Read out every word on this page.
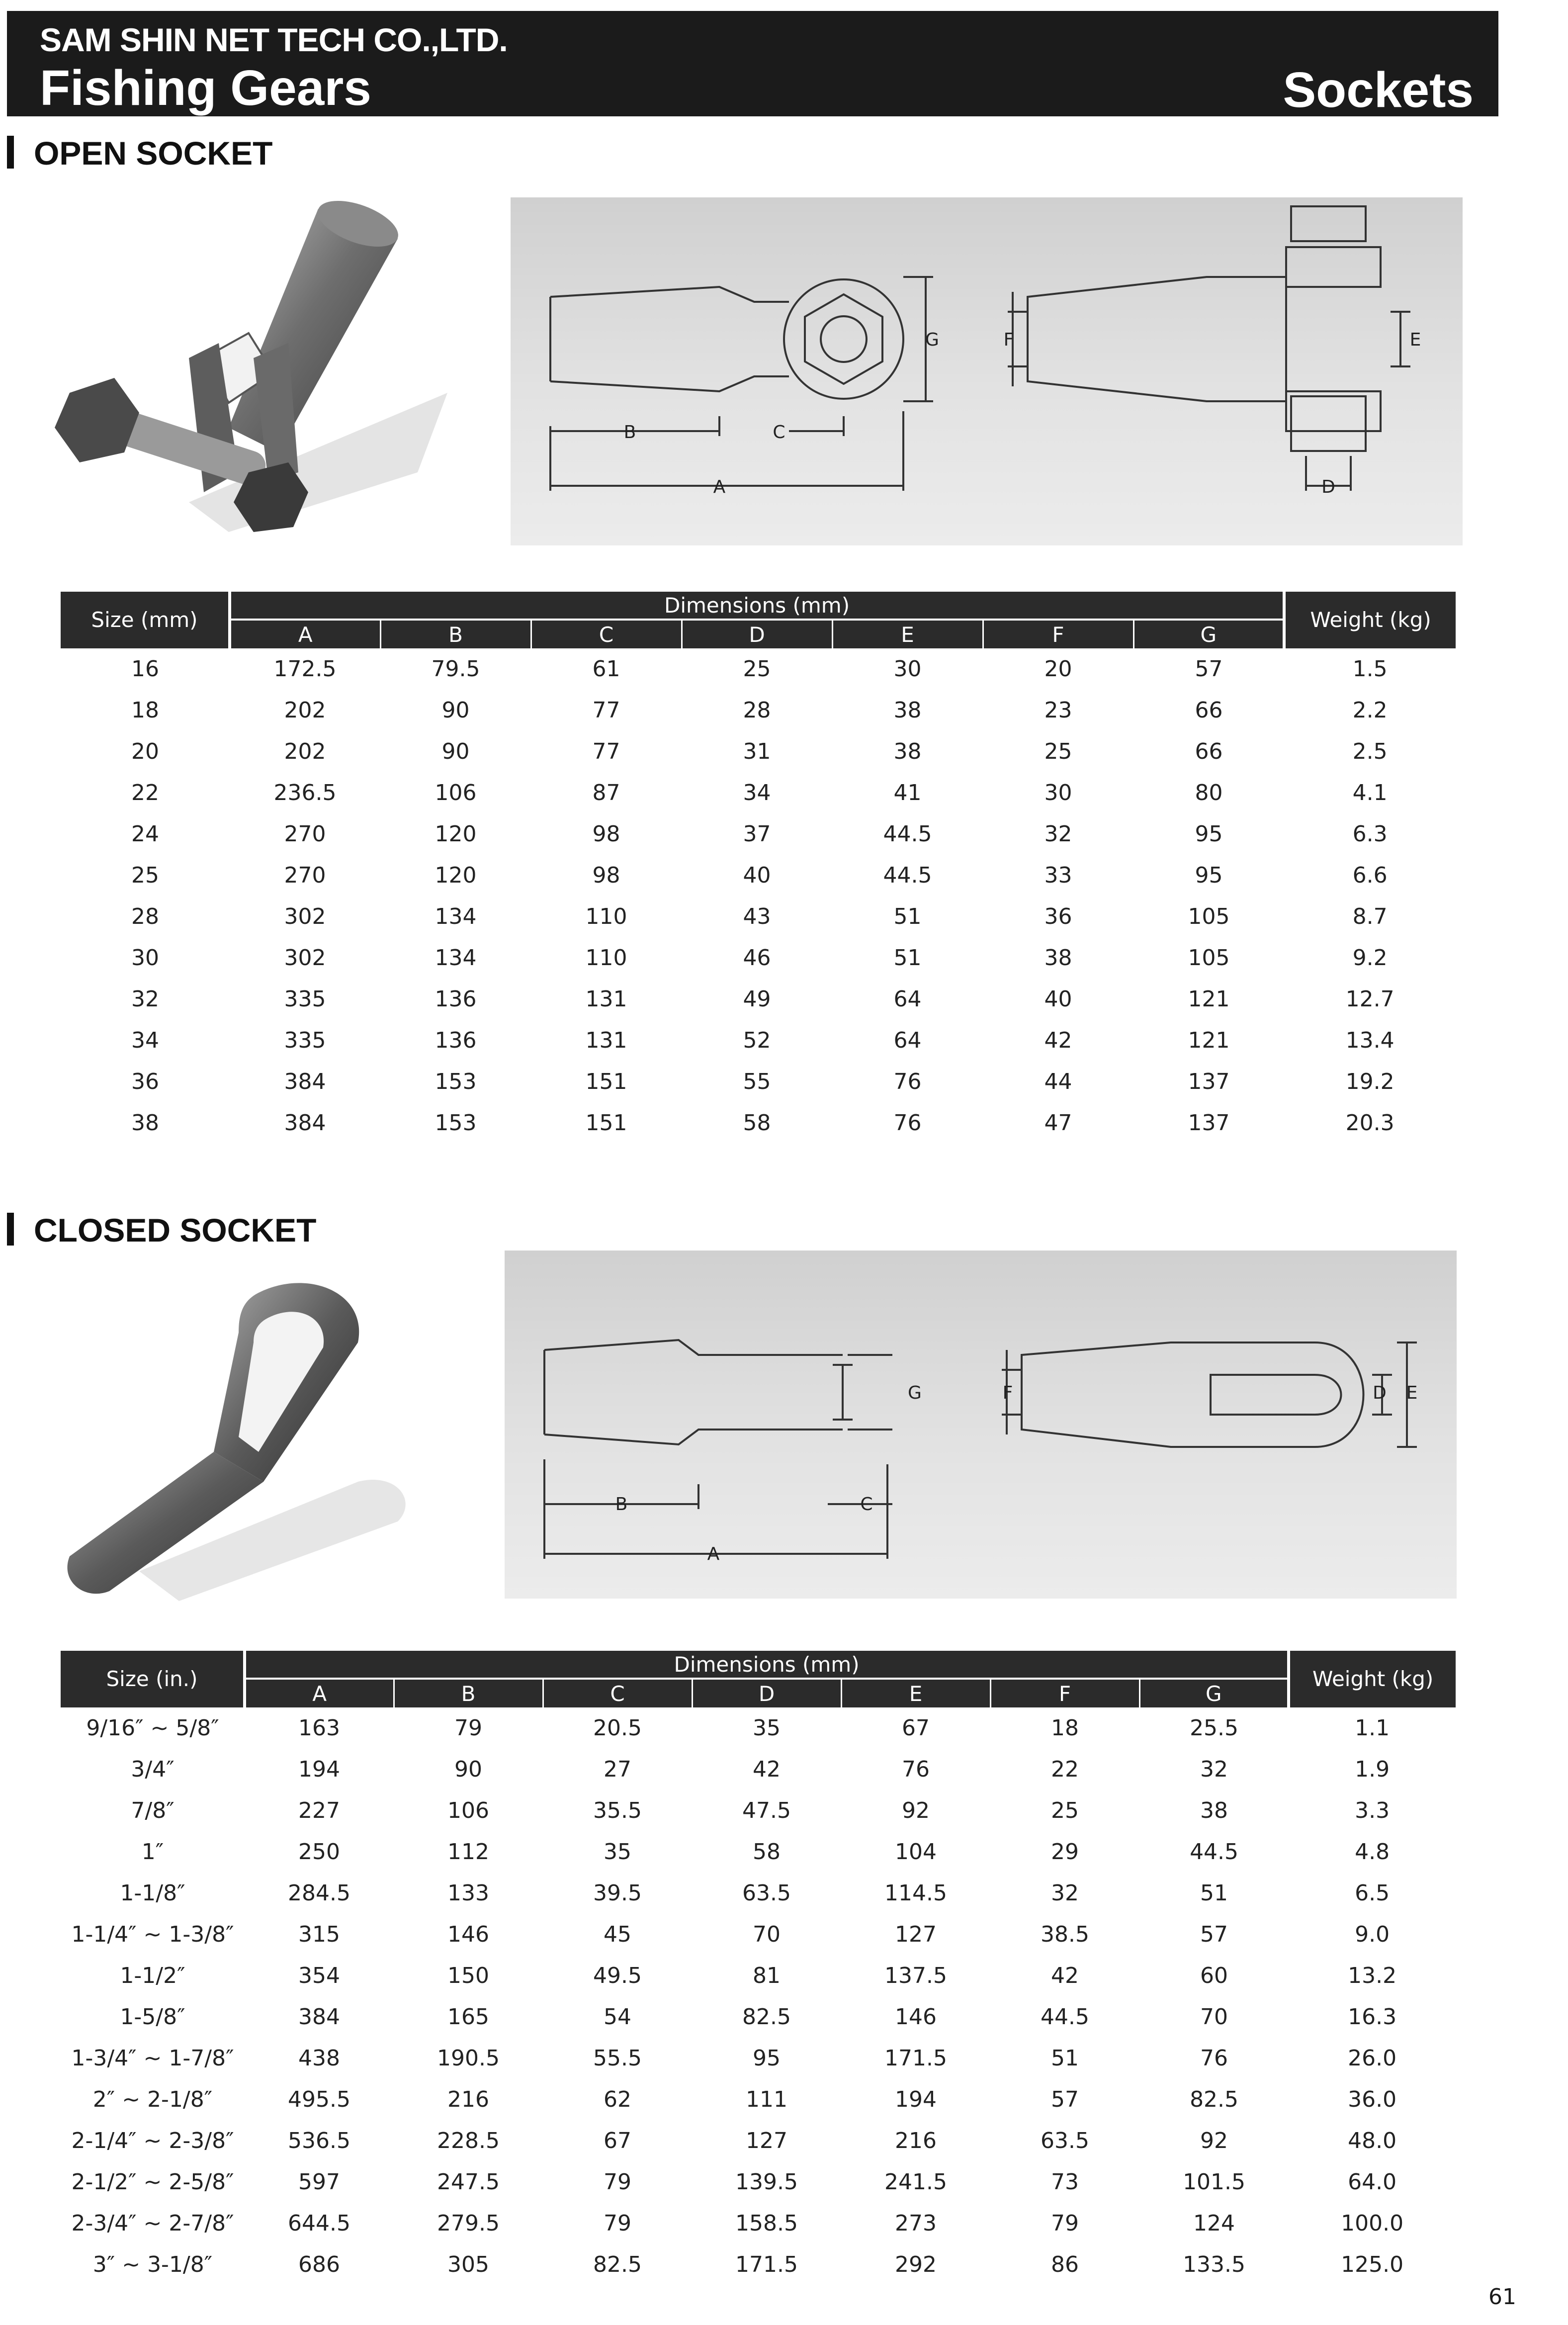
SAM SHIN NET TECH CO.,LTD.
Fishing Gears	Sockets
OPEN SOCKET
B	C
A
G	F	E
D
Size (mm)	Dimensions (mm)							Weight (kg)
	A	B	C	D	E	F	G	
16	172.5	79.5	61	25	30	20	57	1.5
18	202	90	77	28	38	23	66	2.2
20	202	90	77	31	38	25	66	2.5
22	236.5	106	87	34	41	30	80	4.1
24	270	120	98	37	44.5	32	95	6.3
25	270	120	98	40	44.5	33	95	6.6
28	302	134	110	43	51	36	105	8.7
30	302	134	110	46	51	38	105	9.2
32	335	136	131	49	64	40	121	12.7
34	335	136	131	52	64	42	121	13.4
36	384	153	151	55	76	44	137	19.2
38	384	153	151	58	76	47	137	20.3
CLOSED SOCKET
B	C
A
G	F	D E
Size (in.)	Dimensions (mm)							Weight (kg)
	A	B	C	D	E	F	G	
9/16″ ~ 5/8″	163	79	20.5	35	67	18	25.5	1.1
3/4″	194	90	27	42	76	22	32	1.9
7/8″	227	106	35.5	47.5	92	25	38	3.3
1″	250	112	35	58	104	29	44.5	4.8
1-1/8″	284.5	133	39.5	63.5	114.5	32	51	6.5
1-1/4″ ~ 1-3/8″	315	146	45	70	127	38.5	57	9.0
1-1/2″	354	150	49.5	81	137.5	42	60	13.2
1-5/8″	384	165	54	82.5	146	44.5	70	16.3
1-3/4″ ~ 1-7/8″	438	190.5	55.5	95	171.5	51	76	26.0
2″ ~ 2-1/8″	495.5	216	62	111	194	57	82.5	36.0
2-1/4″ ~ 2-3/8″	536.5	228.5	67	127	216	63.5	92	48.0
2-1/2″ ~ 2-5/8″	597	247.5	79	139.5	241.5	73	101.5	64.0
2-3/4″ ~ 2-7/8″	644.5	279.5	79	158.5	273	79	124	100.0
3″ ~ 3-1/8″	686	305	82.5	171.5	292	86	133.5	125.0
61
